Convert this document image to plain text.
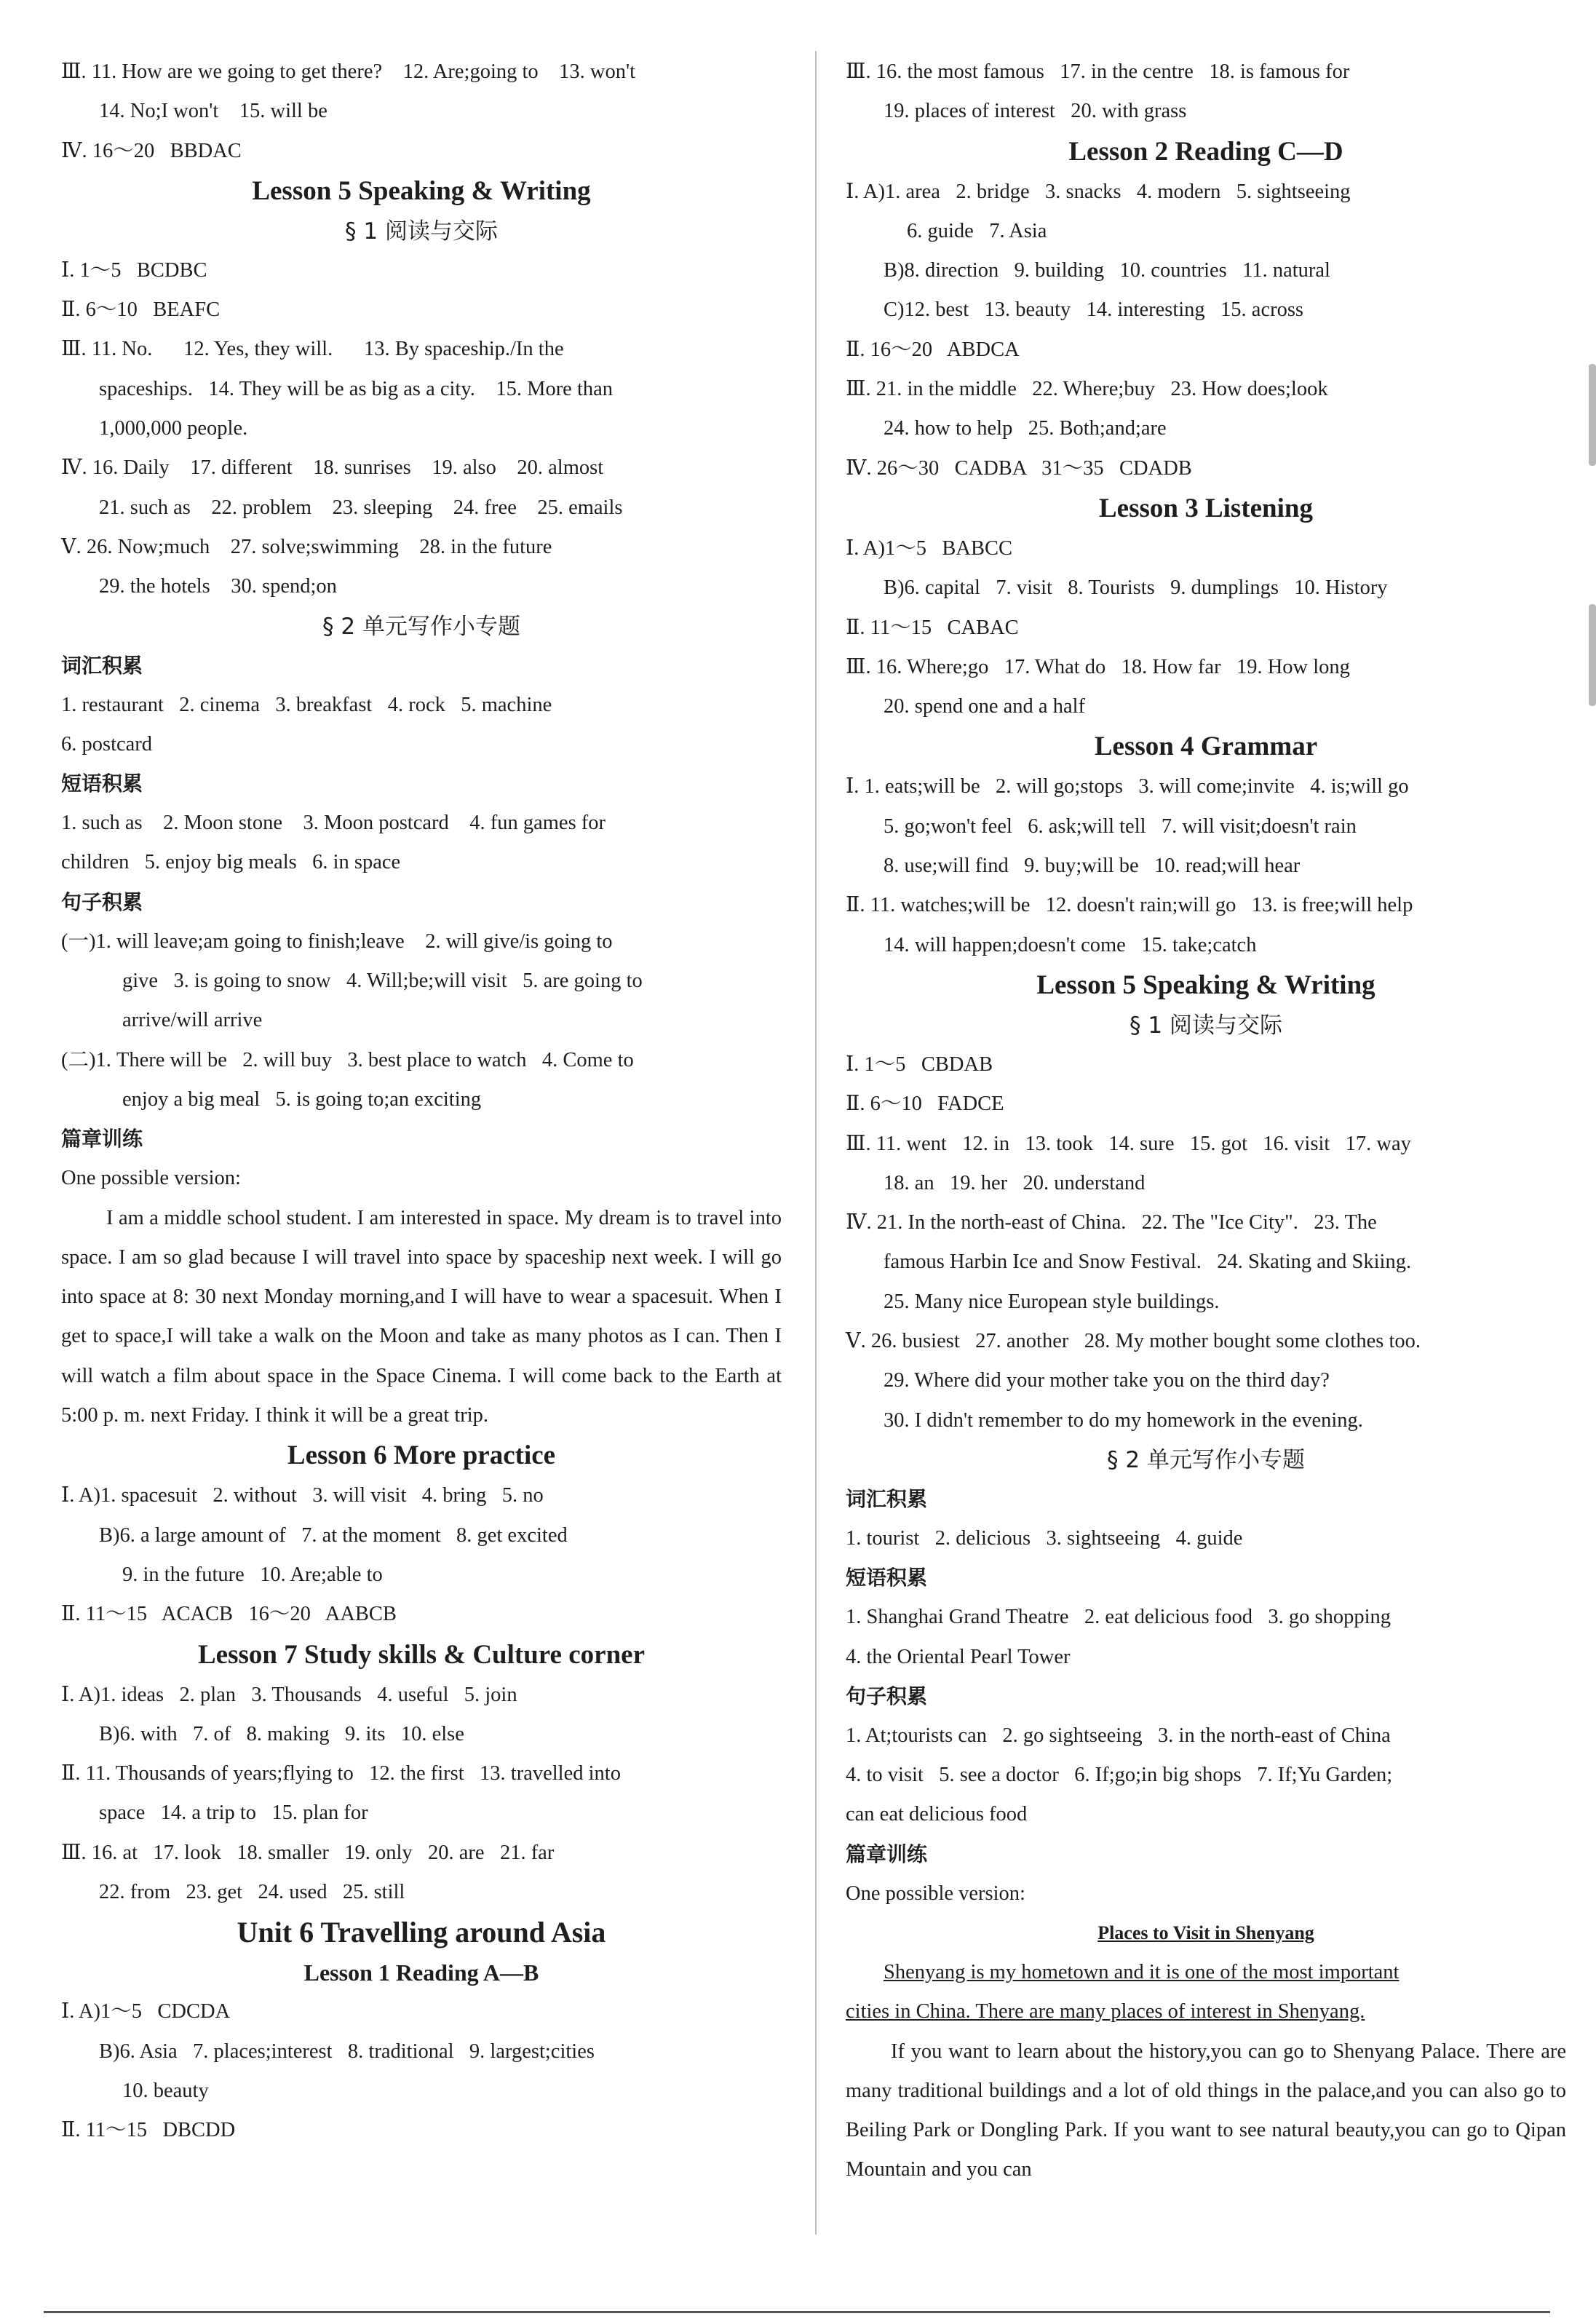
Ⅲ. 11. How are we going to get there?    12. Are;going to    13. won't
14. No;I won't    15. will be
Ⅳ. 16～20   BBDAC
Lesson 5 Speaking & Writing
§ 1 阅读与交际
Ⅰ. 1～5   BCDBC
Ⅱ. 6～10   BEAFC
Ⅲ. 11. No.      12. Yes, they will.      13. By spaceship./In the
spaceships.   14. They will be as big as a city.    15. More than
1,000,000 people.
Ⅳ. 16. Daily    17. different    18. sunrises    19. also    20. almost
21. such as    22. problem    23. sleeping    24. free    25. emails
Ⅴ. 26. Now;much    27. solve;swimming    28. in the future
29. the hotels    30. spend;on
§ 2 单元写作小专题
词汇积累
1. restaurant   2. cinema   3. breakfast   4. rock   5. machine
6. postcard
短语积累
1. such as    2. Moon stone    3. Moon postcard    4. fun games for
children   5. enjoy big meals   6. in space
句子积累
(一)1. will leave;am going to finish;leave    2. will give/is going to
give   3. is going to snow   4. Will;be;will visit   5. are going to
arrive/will arrive
(二)1. There will be   2. will buy   3. best place to watch   4. Come to
enjoy a big meal   5. is going to;an exciting
篇章训练
One possible version:
I am a middle school student. I am interested in space. My dream is to travel into space. I am so glad because I will travel into space by spaceship next week. I will go into space at 8: 30 next Monday morning,and I will have to wear a spacesuit. When I get to space,I will take a walk on the Moon and take as many photos as I can. Then I will watch a film about space in the Space Cinema. I will come back to the Earth at 5:00 p. m. next Friday. I think it will be a great trip.
Lesson 6 More practice
Ⅰ. A)1. spacesuit   2. without   3. will visit   4. bring   5. no
B)6. a large amount of   7. at the moment   8. get excited
9. in the future   10. Are;able to
Ⅱ. 11～15   ACACB   16～20   AABCB
Lesson 7 Study skills & Culture corner
Ⅰ. A)1. ideas   2. plan   3. Thousands   4. useful   5. join
B)6. with   7. of   8. making   9. its   10. else
Ⅱ. 11. Thousands of years;flying to   12. the first   13. travelled into
space   14. a trip to   15. plan for
Ⅲ. 16. at   17. look   18. smaller   19. only   20. are   21. far
22. from   23. get   24. used   25. still
Unit 6 Travelling around Asia
Lesson 1 Reading A—B
Ⅰ. A)1～5   CDCDA
B)6. Asia   7. places;interest   8. traditional   9. largest;cities
10. beauty
Ⅱ. 11～15   DBCDD
Ⅲ. 16. the most famous   17. in the centre   18. is famous for
19. places of interest   20. with grass
Lesson 2 Reading C—D
Ⅰ. A)1. area   2. bridge   3. snacks   4. modern   5. sightseeing
6. guide   7. Asia
B)8. direction   9. building   10. countries   11. natural
C)12. best   13. beauty   14. interesting   15. across
Ⅱ. 16～20   ABDCA
Ⅲ. 21. in the middle   22. Where;buy   23. How does;look
24. how to help   25. Both;and;are
Ⅳ. 26～30   CADBA   31～35   CDADB
Lesson 3 Listening
Ⅰ. A)1～5   BABCC
B)6. capital   7. visit   8. Tourists   9. dumplings   10. History
Ⅱ. 11～15   CABAC
Ⅲ. 16. Where;go   17. What do   18. How far   19. How long
20. spend one and a half
Lesson 4 Grammar
Ⅰ. 1. eats;will be   2. will go;stops   3. will come;invite   4. is;will go
5. go;won't feel   6. ask;will tell   7. will visit;doesn't rain
8. use;will find   9. buy;will be   10. read;will hear
Ⅱ. 11. watches;will be   12. doesn't rain;will go   13. is free;will help
14. will happen;doesn't come   15. take;catch
Lesson 5 Speaking & Writing
§ 1 阅读与交际
Ⅰ. 1～5   CBDAB
Ⅱ. 6～10   FADCE
Ⅲ. 11. went   12. in   13. took   14. sure   15. got   16. visit   17. way
18. an   19. her   20. understand
Ⅳ. 21. In the north-east of China.   22. The "Ice City".   23. The
famous Harbin Ice and Snow Festival.   24. Skating and Skiing.
25. Many nice European style buildings.
Ⅴ. 26. busiest   27. another   28. My mother bought some clothes too.
29. Where did your mother take you on the third day?
30. I didn't remember to do my homework in the evening.
§ 2 单元写作小专题
词汇积累
1. tourist   2. delicious   3. sightseeing   4. guide
短语积累
1. Shanghai Grand Theatre   2. eat delicious food   3. go shopping
4. the Oriental Pearl Tower
句子积累
1. At;tourists can   2. go sightseeing   3. in the north-east of China
4. to visit   5. see a doctor   6. If;go;in big shops   7. If;Yu Garden;
can eat delicious food
篇章训练
One possible version:
Places to Visit in Shenyang
Shenyang is my hometown and it is one of the most important
cities in China. There are many places of interest in Shenyang.
If you want to learn about the history,you can go to Shenyang Palace. There are many traditional buildings and a lot of old things in the palace,and you can also go to Beiling Park or Dongling Park. If you want to see natural beauty,you can go to Qipan Mountain and you can
